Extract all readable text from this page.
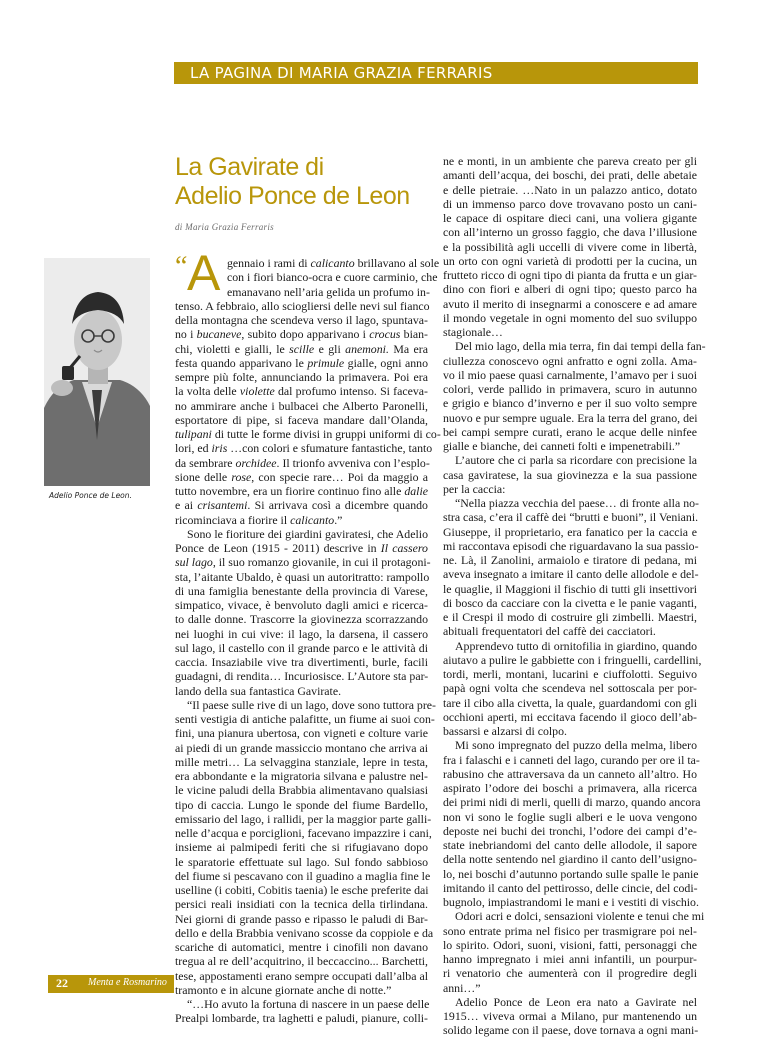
LA PAGINA DI MARIA GRAZIA FERRARIS
La Gavirate di
Adelio Ponce de Leon
di Maria Grazia Ferraris
Adelio Ponce de Leon.
“ A gennaio i rami di calicanto brillavano al sole
con i fiori bianco-ocra e cuore carminio, che
emanavano nell’aria gelida un profumo in-
tenso. A febbraio, allo sciogliersi delle nevi sul fianco
della montagna che scendeva verso il lago, spuntava-
no i bucaneve, subito dopo apparivano i crocus bian-
chi, violetti e gialli, le scille e gli anemoni. Ma era
festa quando apparivano le primule gialle, ogni anno
sempre più folte, annunciando la primavera. Poi era
la volta delle violette dal profumo intenso. Si faceva-
no ammirare anche i bulbacei che Alberto Paronelli,
esportatore di pipe, si faceva mandare dall’Olanda,
tulipani di tutte le forme divisi in gruppi uniformi di co-
lori, ed iris …con colori e sfumature fantastiche, tanto
da sembrare orchidee. Il trionfo avveniva con l’esplo-
sione delle rose, con specie rare… Poi da maggio a
tutto novembre, era un fiorire continuo fino alle dalie
e ai crisantemi. Si arrivava così a dicembre quando
ricominciava a fiorire il calicanto.”
Sono le fioriture dei giardini gaviratesi, che Adelio
Ponce de Leon (1915 - 2011) descrive in Il cassero
sul lago, il suo romanzo giovanile, in cui il protagoni-
sta, l’aitante Ubaldo, è quasi un autoritratto: rampollo
di una famiglia benestante della provincia di Varese,
simpatico, vivace, è benvoluto dagli amici e ricerca-
to dalle donne. Trascorre la giovinezza scorrazzando
nei luoghi in cui vive: il lago, la darsena, il cassero
sul lago, il castello con il grande parco e le attività di
caccia. Insaziabile vive tra divertimenti, burle, facili
guadagni, di rendita… Incuriosisce. L’Autore sta par-
lando della sua fantastica Gavirate.
“Il paese sulle rive di un lago, dove sono tuttora pre-
senti vestigia di antiche palafitte, un fiume ai suoi con-
fini, una pianura ubertosa, con vigneti e colture varie
ai piedi di un grande massiccio montano che arriva ai
mille metri… La selvaggina stanziale, lepre in testa,
era abbondante e la migratoria silvana e palustre nel-
le vicine paludi della Brabbia alimentavano qualsiasi
tipo di caccia. Lungo le sponde del fiume Bardello,
emissario del lago, i rallidi, per la maggior parte galli-
nelle d’acqua e porciglioni, facevano impazzire i cani,
insieme ai palmipedi feriti che si rifugiavano dopo
le sparatorie effettuate sul lago. Sul fondo sabbioso
del fiume si pescavano con il guadino a maglia fine le
uselline (i cobiti, Cobitis taenia) le esche preferite dai
persici reali insidiati con la tecnica della tirlindana.
Nei giorni di grande passo e ripasso le paludi di Bar-
dello e della Brabbia venivano scosse da coppiole e da
scariche di automatici, mentre i cinofili non davano
tregua al re dell’acquitrino, il beccaccino... Barchetti,
tese, appostamenti erano sempre occupati dall’alba al
tramonto e in alcune giornate anche di notte.”
“…Ho avuto la fortuna di nascere in un paese delle
Prealpi lombarde, tra laghetti e paludi, pianure, colli-
ne e monti, in un ambiente che pareva creato per gli
amanti dell’acqua, dei boschi, dei prati, delle abetaie
e delle pietraie. …Nato in un palazzo antico, dotato
di un immenso parco dove trovavano posto un cani-
le capace di ospitare dieci cani, una voliera gigante
con all’interno un grosso faggio, che dava l’illusione
e la possibilità agli uccelli di vivere come in libertà,
un orto con ogni varietà di prodotti per la cucina, un
frutteto ricco di ogni tipo di pianta da frutta e un giar-
dino con fiori e alberi di ogni tipo; questo parco ha
avuto il merito di insegnarmi a conoscere e ad amare
il mondo vegetale in ogni momento del suo sviluppo
stagionale…
Del mio lago, della mia terra, fin dai tempi della fan-
ciullezza conoscevo ogni anfratto e ogni zolla. Ama-
vo il mio paese quasi carnalmente, l’amavo per i suoi
colori, verde pallido in primavera, scuro in autunno
e grigio e bianco d’inverno e per il suo volto sempre
nuovo e pur sempre uguale. Era la terra del grano, dei
bei campi sempre curati, erano le acque delle ninfee
gialle e bianche, dei canneti folti e impenetrabili.”
L’autore che ci parla sa ricordare con precisione la
casa gaviratese, la sua giovinezza e la sua passione
per la caccia:
“Nella piazza vecchia del paese… di fronte alla no-
stra casa, c’era il caffè dei “brutti e buoni”, il Veniani.
Giuseppe, il proprietario, era fanatico per la caccia e
mi raccontava episodi che riguardavano la sua passio-
ne. Là, il Zanolini, armaiolo e tiratore di pedana, mi
aveva insegnato a imitare il canto delle allodole e del-
le quaglie, il Maggioni il fischio di tutti gli insettivori
di bosco da cacciare con la civetta e le panie vaganti,
e il Crespi il modo di costruire gli zimbelli. Maestri,
abituali frequentatori del caffè dei cacciatori.
Apprendevo tutto di ornitofilia in giardino, quando
aiutavo a pulire le gabbiette con i fringuelli, cardellini,
tordi, merli, montani, lucarini e ciuffolotti. Seguivo
papà ogni volta che scendeva nel sottoscala per por-
tare il cibo alla civetta, la quale, guardandomi con gli
occhioni aperti, mi eccitava facendo il gioco dell’ab-
bassarsi e alzarsi di colpo.
Mi sono impregnato del puzzo della melma, libero
fra i falaschi e i canneti del lago, curando per ore il ta-
rabusino che attraversava da un canneto all’altro. Ho
aspirato l’odore dei boschi a primavera, alla ricerca
dei primi nidi di merli, quelli di marzo, quando ancora
non vi sono le foglie sugli alberi e le uova vengono
deposte nei buchi dei tronchi, l’odore dei campi d’e-
state inebriandomi del canto delle allodole, il sapore
della notte sentendo nel giardino il canto dell’usigno-
lo, nei boschi d’autunno portando sulle spalle le panie
imitando il canto del pettirosso, delle cincie, del codi-
bugnolo, impiastrandomi le mani e i vestiti di vischio.
Odori acri e dolci, sensazioni violente e tenui che mi
sono entrate prima nel fisico per trasmigrare poi nel-
lo spirito. Odori, suoni, visioni, fatti, personaggi che
hanno impregnato i miei anni infantili, un pourpur-
ri venatorio che aumenterà con il progredire degli
anni…”
Adelio Ponce de Leon era nato a Gavirate nel
1915… viveva ormai a Milano, pur mantenendo un
solido legame con il paese, dove tornava a ogni mani-
22 Menta e Rosmarino
